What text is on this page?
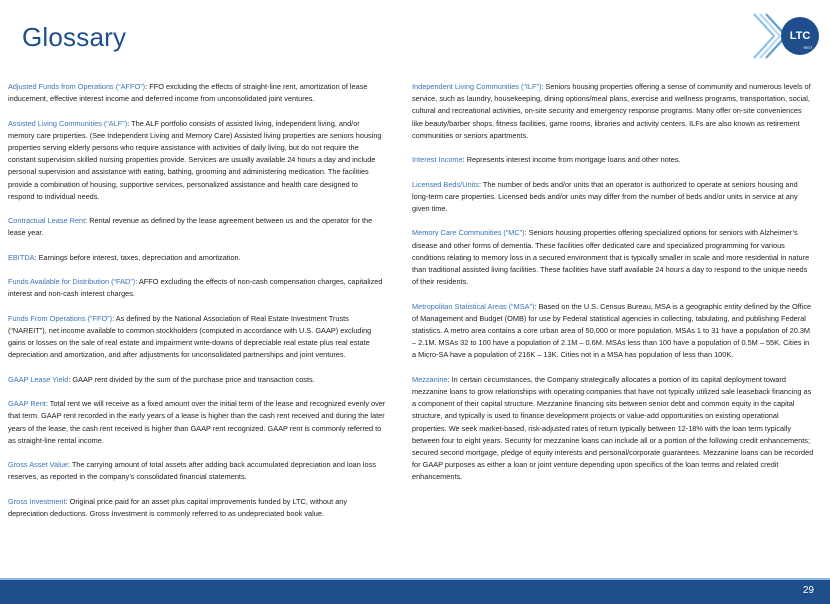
Glossary	LTC
REIT

Adjusted Funds from Operations (“AFFO”): FFO excluding the effects of straight-line rent, amortization of lease inducement, effective interest income and deferred income from unconsolidated joint ventures.

Assisted Living Communities (“ALF”): The ALF portfolio consists of assisted living, independent living, and/or memory care properties. (See Independent Living and Memory Care) Assisted living properties are seniors housing properties serving elderly persons who require assistance with activities of daily living, but do not require the constant supervision skilled nursing properties provide. Services are usually available 24 hours a day and include personal supervision and assistance with eating, bathing, grooming and administering medication. The facilities provide a combination of housing, supportive services, personalized assistance and health care designed to respond to individual needs.

Contractual Lease Rent: Rental revenue as defined by the lease agreement between us and the operator for the lease year.

EBITDA: Earnings before interest, taxes, depreciation and amortization.

Funds Available for Distribution (“FAD”): AFFO excluding the effects of non-cash compensation charges, capitalized interest and non-cash interest charges.

Funds From Operations (“FFO”): As defined by the National Association of Real Estate Investment Trusts (“NAREIT”), net income available to common stockholders (computed in accordance with U.S. GAAP) excluding gains or losses on the sale of real estate and impairment write-downs of depreciable real estate plus real estate depreciation and amortization, and after adjustments for unconsolidated partnerships and joint ventures.

GAAP Lease Yield: GAAP rent divided by the sum of the purchase price and transaction costs.

GAAP Rent: Total rent we will receive as a fixed amount over the initial term of the lease and recognized evenly over that term. GAAP rent recorded in the early years of a lease is higher than the cash rent received and during the later years of the lease, the cash rent received is higher than GAAP rent recognized. GAAP rent is commonly referred to as straight-line rental income.

Gross Asset Value: The carrying amount of total assets after adding back accumulated depreciation and loan loss reserves, as reported in the company’s consolidated financial statements.

Gross Investment: Original price paid for an asset plus capital improvements funded by LTC, without any depreciation deductions. Gross Investment is commonly referred to as undepreciated book value.

Independent Living Communities (“ILF”): Seniors housing properties offering a sense of community and numerous levels of service, such as laundry, housekeeping, dining options/meal plans, exercise and wellness programs, transportation, social, cultural and recreational activities, on-site security and emergency response programs. Many offer on-site conveniences like beauty/barber shops, fitness facilities, game rooms, libraries and activity centers. ILFs are also known as retirement communities or seniors apartments.

Interest Income: Represents interest income from mortgage loans and other notes.

Licensed Beds/Units: The number of beds and/or units that an operator is authorized to operate at seniors housing and long-term care properties. Licensed beds and/or units may differ from the number of beds and/or units in service at any given time.

Memory Care Communities (“MC”): Seniors housing properties offering specialized options for seniors with Alzheimer’s disease and other forms of dementia. These facilities offer dedicated care and specialized programming for various conditions relating to memory loss in a secured environment that is typically smaller in scale and more residential in nature than traditional assisted living facilities. These facilities have staff available 24 hours a day to respond to the unique needs of their residents.

Metropolitan Statistical Areas (“MSA”): Based on the U.S. Census Bureau, MSA is a geographic entity defined by the Office of Management and Budget (OMB) for use by Federal statistical agencies in collecting, tabulating, and publishing Federal statistics. A metro area contains a core urban area of 50,000 or more population. MSAs 1 to 31 have a population of 20.3M – 2.1M. MSAs 32 to 100 have a population of 2.1M – 0.6M. MSAs less than 100 have a population of 0.5M – 55K. Cities in a Micro-SA have a population of 216K – 13K. Cities not in a MSA has population of less than 100K.

Mezzanine: In certain circumstances, the Company strategically allocates a portion of its capital deployment toward mezzanine loans to grow relationships with operating companies that have not typically utilized sale leaseback financing as a component of their capital structure. Mezzanine financing sits between senior debt and common equity in the capital structure, and typically is used to finance development projects or value-add opportunities on existing operational properties. We seek market-based, risk-adjusted rates of return typically between 12-18% with the loan term typically between four to eight years. Security for mezzanine loans can include all or a portion of the following credit enhancements; secured second mortgage, pledge of equity interests and personal/corporate guarantees. Mezzanine loans can be recorded for GAAP purposes as either a loan or joint venture depending upon specifics of the loan terms and related credit enhancements.

29
